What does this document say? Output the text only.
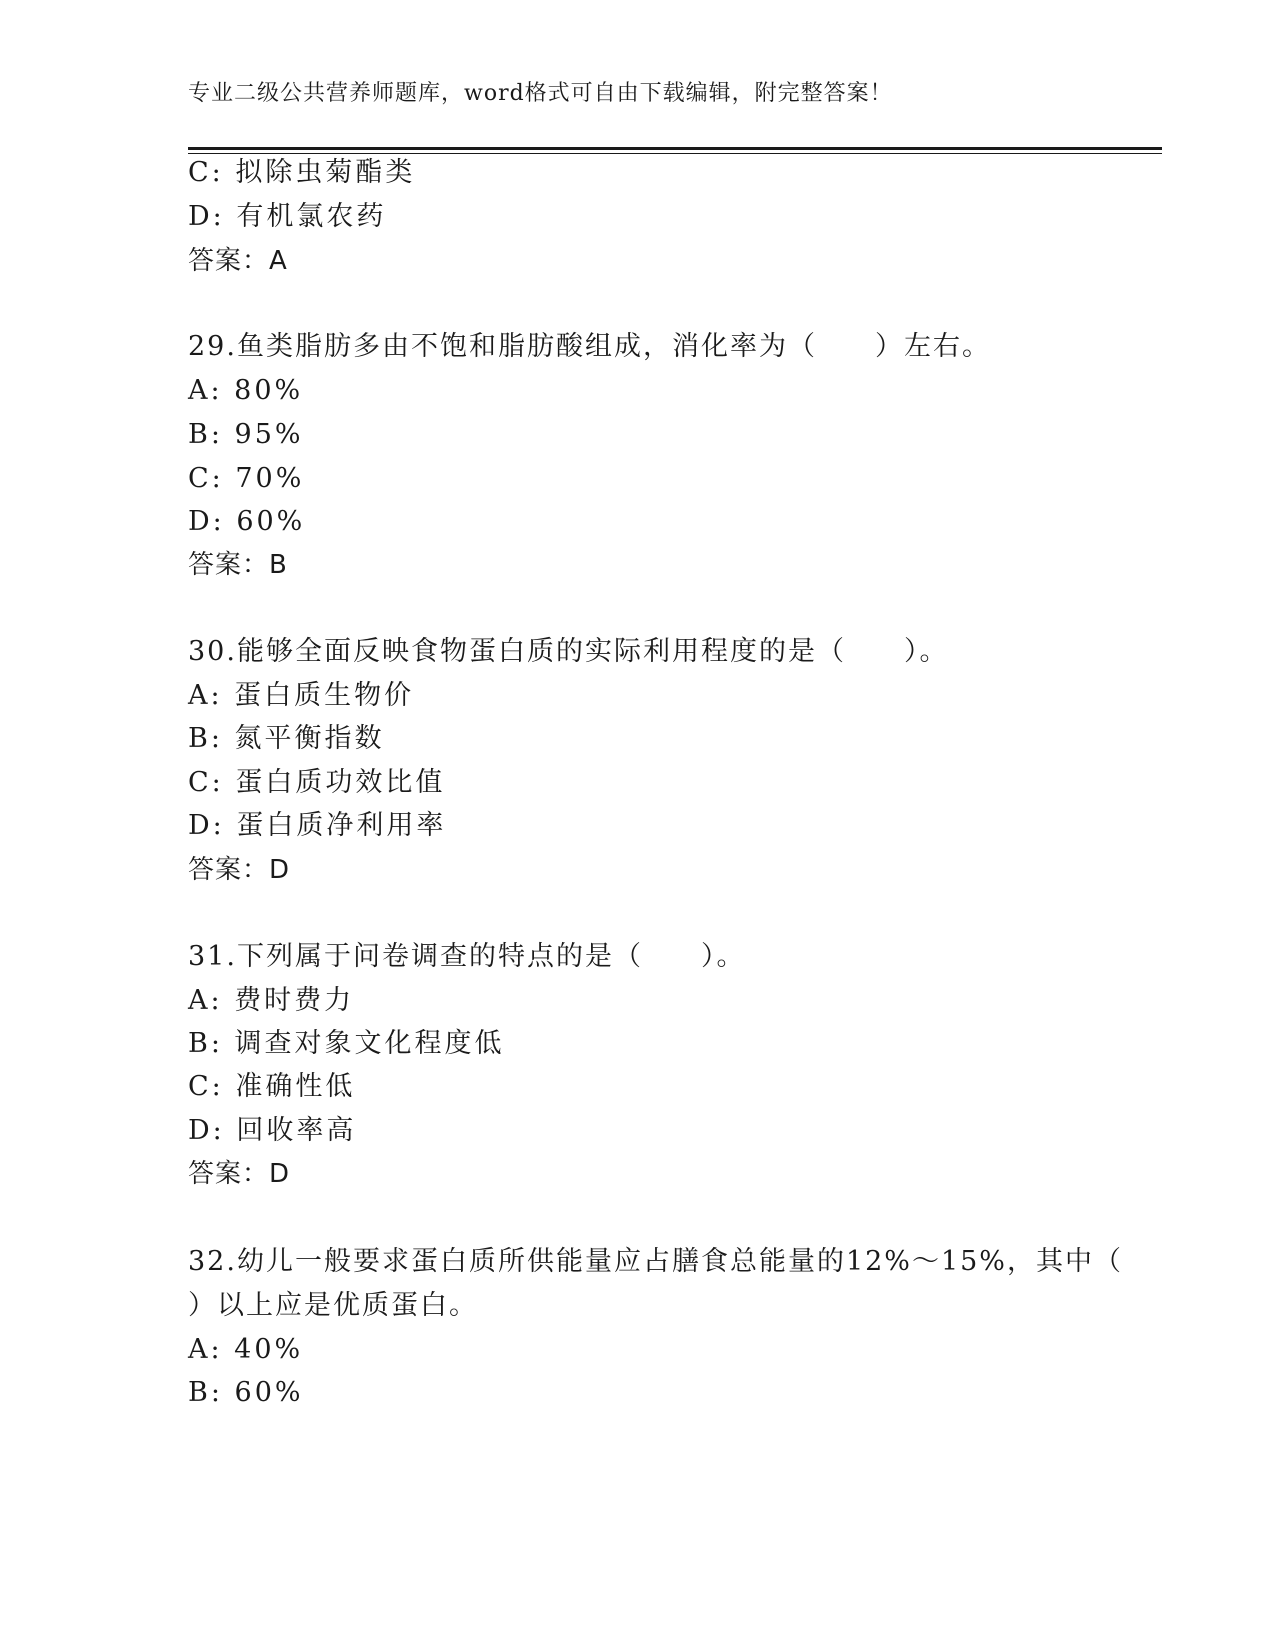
专业二级公共营养师题库，word格式可自由下载编辑，附完整答案！
C: 拟除虫菊酯类
D: 有机氯农药
答案：A
29.鱼类脂肪多由不饱和脂肪酸组成，消化率为（　　）左右。
A: 80%
B: 95%
C: 70%
D: 60%
答案：B
30.能够全面反映食物蛋白质的实际利用程度的是（　　）。
A: 蛋白质生物价
B: 氮平衡指数
C: 蛋白质功效比值
D: 蛋白质净利用率
答案：D
31.下列属于问卷调查的特点的是（　　）。
A: 费时费力
B: 调查对象文化程度低
C: 准确性低
D: 回收率高
答案：D
32.幼儿一般要求蛋白质所供能量应占膳食总能量的12%～15%，其中（
）以上应是优质蛋白。
A: 40%
B: 60%
